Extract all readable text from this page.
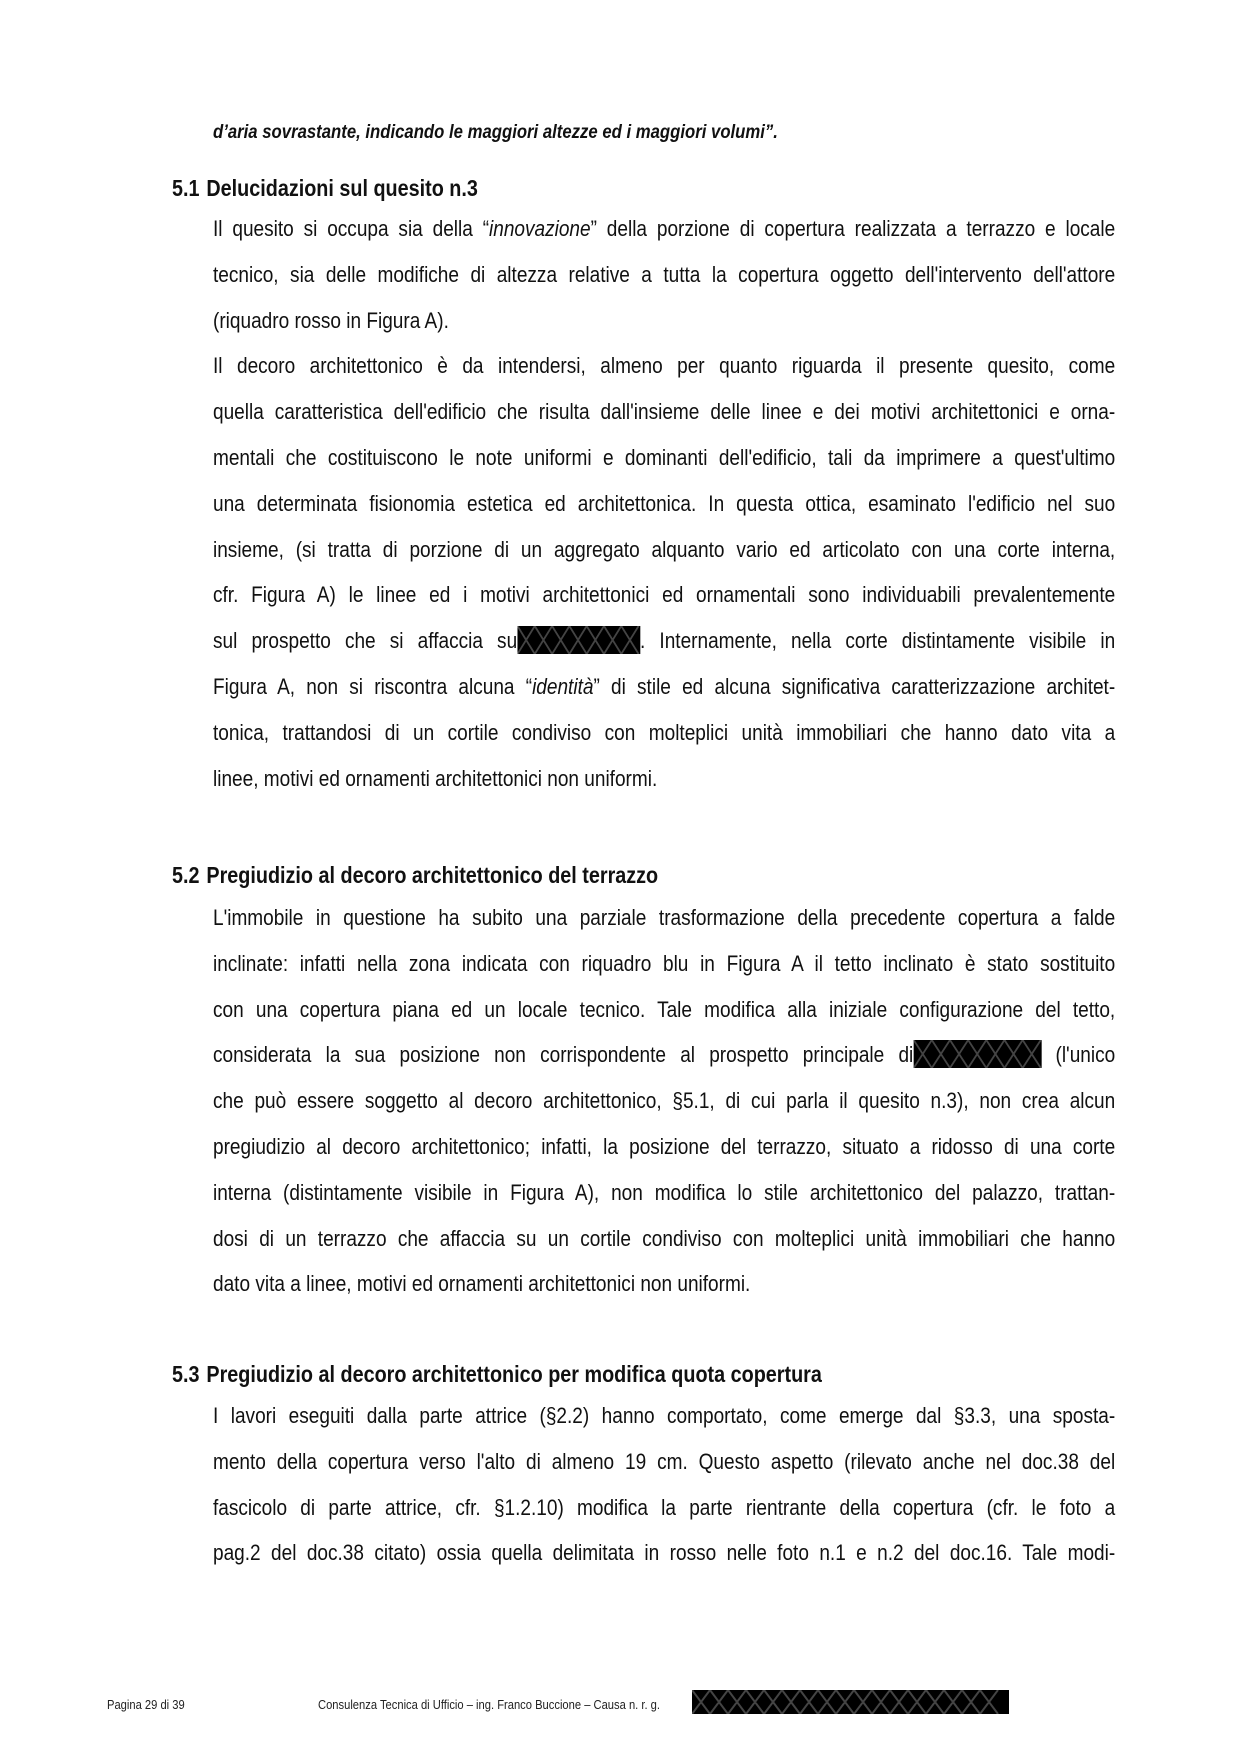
d’aria sovrastante, indicando le maggiori altezze ed i maggiori volumi”.
5.1 Delucidazioni sul quesito n.3
Il quesito si occupa sia della “innovazione” della porzione di copertura realizzata a terrazzo e locale
tecnico, sia delle modifiche di altezza relative a tutta la copertura oggetto dell'intervento dell'attore
(riquadro rosso in Figura A).
Il decoro architettonico è da intendersi, almeno per quanto riguarda il presente quesito, come
quella caratteristica dell'edificio che risulta dall'insieme delle linee e dei motivi architettonici e orna-
mentali che costituiscono le note uniformi e dominanti dell'edificio, tali da imprimere a quest'ultimo
una determinata fisionomia estetica ed architettonica. In questa ottica, esaminato l'edificio nel suo
insieme, (si tratta di porzione di un aggregato alquanto vario ed articolato con una corte interna,
cfr. Figura A) le linee ed i motivi architettonici ed ornamentali sono individuabili prevalentemente
sul prospetto che si affaccia su	. Internamente, nella corte distintamente visibile in
Figura A, non si riscontra alcuna “identità” di stile ed alcuna significativa caratterizzazione architet-
tonica, trattandosi di un cortile condiviso con molteplici unità immobiliari che hanno dato vita a
linee, motivi ed ornamenti architettonici non uniformi.
5.2 Pregiudizio al decoro architettonico del terrazzo
L'immobile in questione ha subito una parziale trasformazione della precedente copertura a falde
inclinate: infatti nella zona indicata con riquadro blu in Figura A il tetto inclinato è stato sostituito
con una copertura piana ed un locale tecnico. Tale modifica alla iniziale configurazione del tetto,
considerata la sua posizione non corrispondente al prospetto principale di	(l'unico
che può essere soggetto al decoro architettonico, §5.1, di cui parla il quesito n.3), non crea alcun
pregiudizio al decoro architettonico; infatti, la posizione del terrazzo, situato a ridosso di una corte
interna (distintamente visibile in Figura A), non modifica lo stile architettonico del palazzo, trattan-
dosi di un terrazzo che affaccia su un cortile condiviso con molteplici unità immobiliari che hanno
dato vita a linee, motivi ed ornamenti architettonici non uniformi.
5.3 Pregiudizio al decoro architettonico per modifica quota copertura
I lavori eseguiti dalla parte attrice (§2.2) hanno comportato, come emerge dal §3.3, una sposta-
mento della copertura verso l'alto di almeno 19 cm. Questo aspetto (rilevato anche nel doc.38 del
fascicolo di parte attrice, cfr. §1.2.10) modifica la parte rientrante della copertura (cfr. le foto a
pag.2 del doc.38 citato) ossia quella delimitata in rosso nelle foto n.1 e n.2 del doc.16. Tale modi-
Pagina 29 di 39	Consulenza Tecnica di Ufficio – ing. Franco Buccione – Causa n. r. g.
